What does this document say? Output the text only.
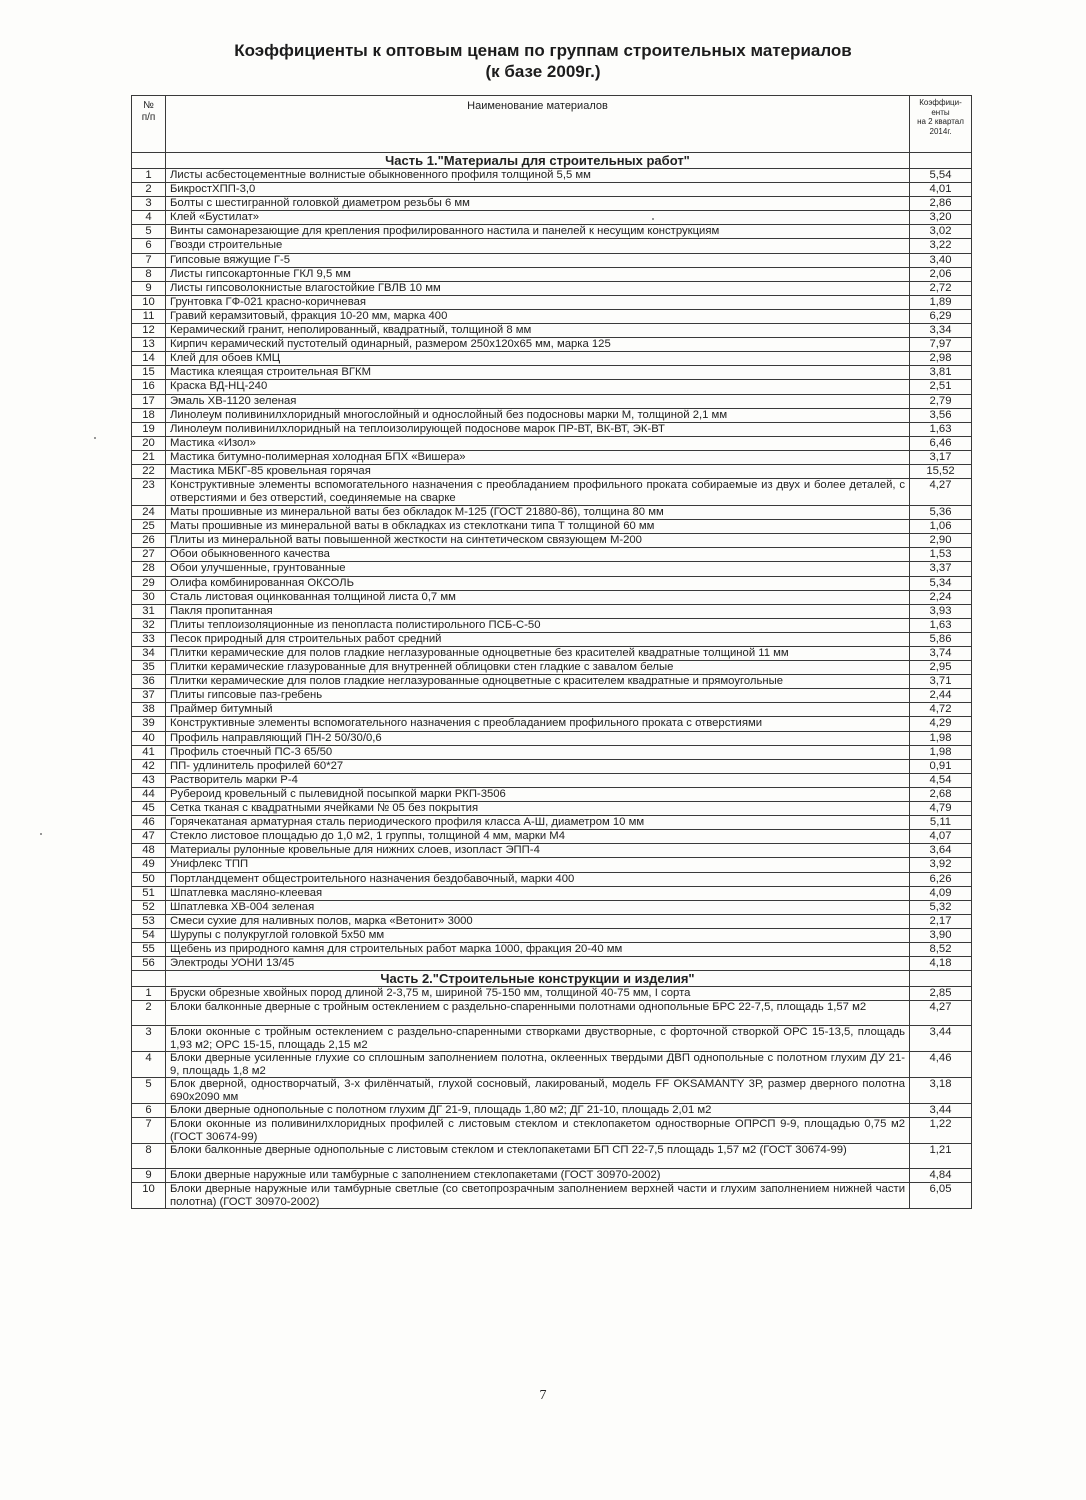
Коэффициенты к оптовым ценам по группам строительных материалов
(к базе 2009г.)
№
п/п	Наименование материалов	Коэффици-
енты
на 2 квартал
2014г.
	Часть 1."Материалы для строительных работ"	
1	Листы асбестоцементные волнистые обыкновенного профиля толщиной 5,5 мм	5,54
2	БикростХПП-3,0	4,01
3	Болты с шестигранной головкой диаметром резьбы 6 мм	2,86
4	Клей «Бустилат»	3,20
5	Винты самонарезающие для крепления профилированного настила и панелей к несущим конструкциям	3,02
6	Гвозди строительные	3,22
7	Гипсовые вяжущие Г-5	3,40
8	Листы гипсокартонные ГКЛ 9,5 мм	2,06
9	Листы гипсоволокнистые влагостойкие ГВЛВ 10 мм	2,72
10	Грунтовка ГФ-021 красно-коричневая	1,89
11	Гравий керамзитовый, фракция 10-20 мм, марка 400	6,29
12	Керамический гранит, неполированный, квадратный, толщиной 8 мм	3,34
13	Кирпич керамический пустотелый одинарный, размером 250х120х65 мм, марка 125	7,97
14	Клей для обоев КМЦ	2,98
15	Мастика клеящая строительная ВГКМ	3,81
16	Краска ВД-НЦ-240	2,51
17	Эмаль ХВ-1120 зеленая	2,79
18	Линолеум поливинилхлоридный многослойный и однослойный без подосновы марки М, толщиной 2,1 мм	3,56
19	Линолеум поливинилхлоридный на теплоизолирующей подоснове марок ПР-ВТ, ВК-ВТ, ЭК-ВТ	1,63
20	Мастика «Изол»	6,46
21	Мастика битумно-полимерная холодная БПХ «Вишера»	3,17
22	Мастика МБКГ-85 кровельная горячая	15,52
23	Конструктивные элементы вспомогательного назначения с преобладанием профильного проката собираемые из двух и более деталей, с отверстиями и без отверстий, соединяемые на сварке	4,27
24	Маты прошивные из минеральной ваты без обкладок М-125 (ГОСТ 21880-86), толщина 80 мм	5,36
25	Маты прошивные из минеральной ваты в обкладках из стеклоткани типа Т толщиной 60 мм	1,06
26	Плиты из минеральной ваты повышенной жесткости на синтетическом связующем М-200	2,90
27	Обои обыкновенного качества	1,53
28	Обои улучшенные, грунтованные	3,37
29	Олифа комбинированная ОКСОЛЬ	5,34
30	Сталь листовая оцинкованная толщиной листа 0,7 мм	2,24
31	Пакля пропитанная	3,93
32	Плиты теплоизоляционные из пенопласта полистирольного ПСБ-С-50	1,63
33	Песок природный для строительных работ средний	5,86
34	Плитки керамические для полов гладкие неглазурованные одноцветные без красителей квадратные толщиной 11 мм	3,74
35	Плитки керамические глазурованные для внутренней облицовки стен гладкие с завалом белые	2,95
36	Плитки керамические для полов гладкие неглазурованные одноцветные с красителем квадратные и прямоугольные	3,71
37	Плиты гипсовые паз-гребень	2,44
38	Праймер битумный	4,72
39	Конструктивные элементы вспомогательного назначения с преобладанием профильного проката с отверстиями	4,29
40	Профиль направляющий ПН-2 50/30/0,6	1,98
41	Профиль стоечный ПС-3 65/50	1,98
42	ПП- удлинитель профилей 60*27	0,91
43	Растворитель марки Р-4	4,54
44	Рубероид кровельный с пылевидной посыпкой марки РКП-3506	2,68
45	Сетка тканая с квадратными ячейками № 05 без покрытия	4,79
46	Горячекатаная арматурная сталь периодического профиля класса А-Ш, диаметром 10 мм	5,11
47	Стекло листовое площадью до 1,0 м2, 1 группы, толщиной 4 мм, марки М4	4,07
48	Материалы рулонные кровельные для нижних слоев, изопласт ЭПП-4	3,64
49	Унифлекс ТПП	3,92
50	Портландцемент общестроительного назначения бездобавочный, марки 400	6,26
51	Шпатлевка масляно-клеевая	4,09
52	Шпатлевка ХВ-004 зеленая	5,32
53	Смеси сухие для наливных полов, марка «Ветонит» 3000	2,17
54	Шурупы с полукруглой головкой 5х50 мм	3,90
55	Щебень из природного камня для строительных работ марка 1000, фракция 20-40 мм	8,52
56	Электроды УОНИ 13/45	4,18
	Часть 2."Строительные конструкции и изделия"	
1	Бруски обрезные хвойных пород длиной 2-3,75 м, шириной 75-150 мм, толщиной 40-75 мм, I сорта	2,85
2	Блоки балконные дверные с тройным остеклением с раздельно-спаренными полотнами однопольные БРС 22-7,5, площадь 1,57 м2	4,27
3	Блоки оконные с тройным остеклением с раздельно-спаренными створками двустворные, с форточной створкой ОРС 15-13,5, площадь 1,93 м2; ОРС 15-15, площадь 2,15 м2	3,44
4	Блоки дверные усиленные глухие со сплошным заполнением полотна, оклеенных твердыми ДВП однопольные с полотном глухим ДУ 21-9, площадь 1,8 м2	4,46
5	Блок дверной, одностворчатый, 3-х филёнчатый, глухой сосновый, лакированый, модель FF OKSAMANTY 3Р, размер дверного полотна 690х2090 мм	3,18
6	Блоки дверные однопольные с полотном глухим ДГ 21-9, площадь 1,80 м2; ДГ 21-10, площадь 2,01 м2	3,44
7	Блоки оконные из поливинилхлоридных профилей с листовым стеклом и стеклопакетом одностворные ОПРСП 9-9, площадью 0,75 м2 (ГОСТ 30674-99)	1,22
8	Блоки балконные дверные однопольные с листовым стеклом и стеклопакетами БП СП 22-7,5 площадь 1,57 м2 (ГОСТ 30674-99)	1,21
9	Блоки дверные наружные или тамбурные с заполнением стеклопакетами (ГОСТ 30970-2002)	4,84
10	Блоки дверные наружные или тамбурные светлые (со светопрозрачным заполнением верхней части и глухим заполнением нижней части полотна) (ГОСТ 30970-2002)	6,05
7
